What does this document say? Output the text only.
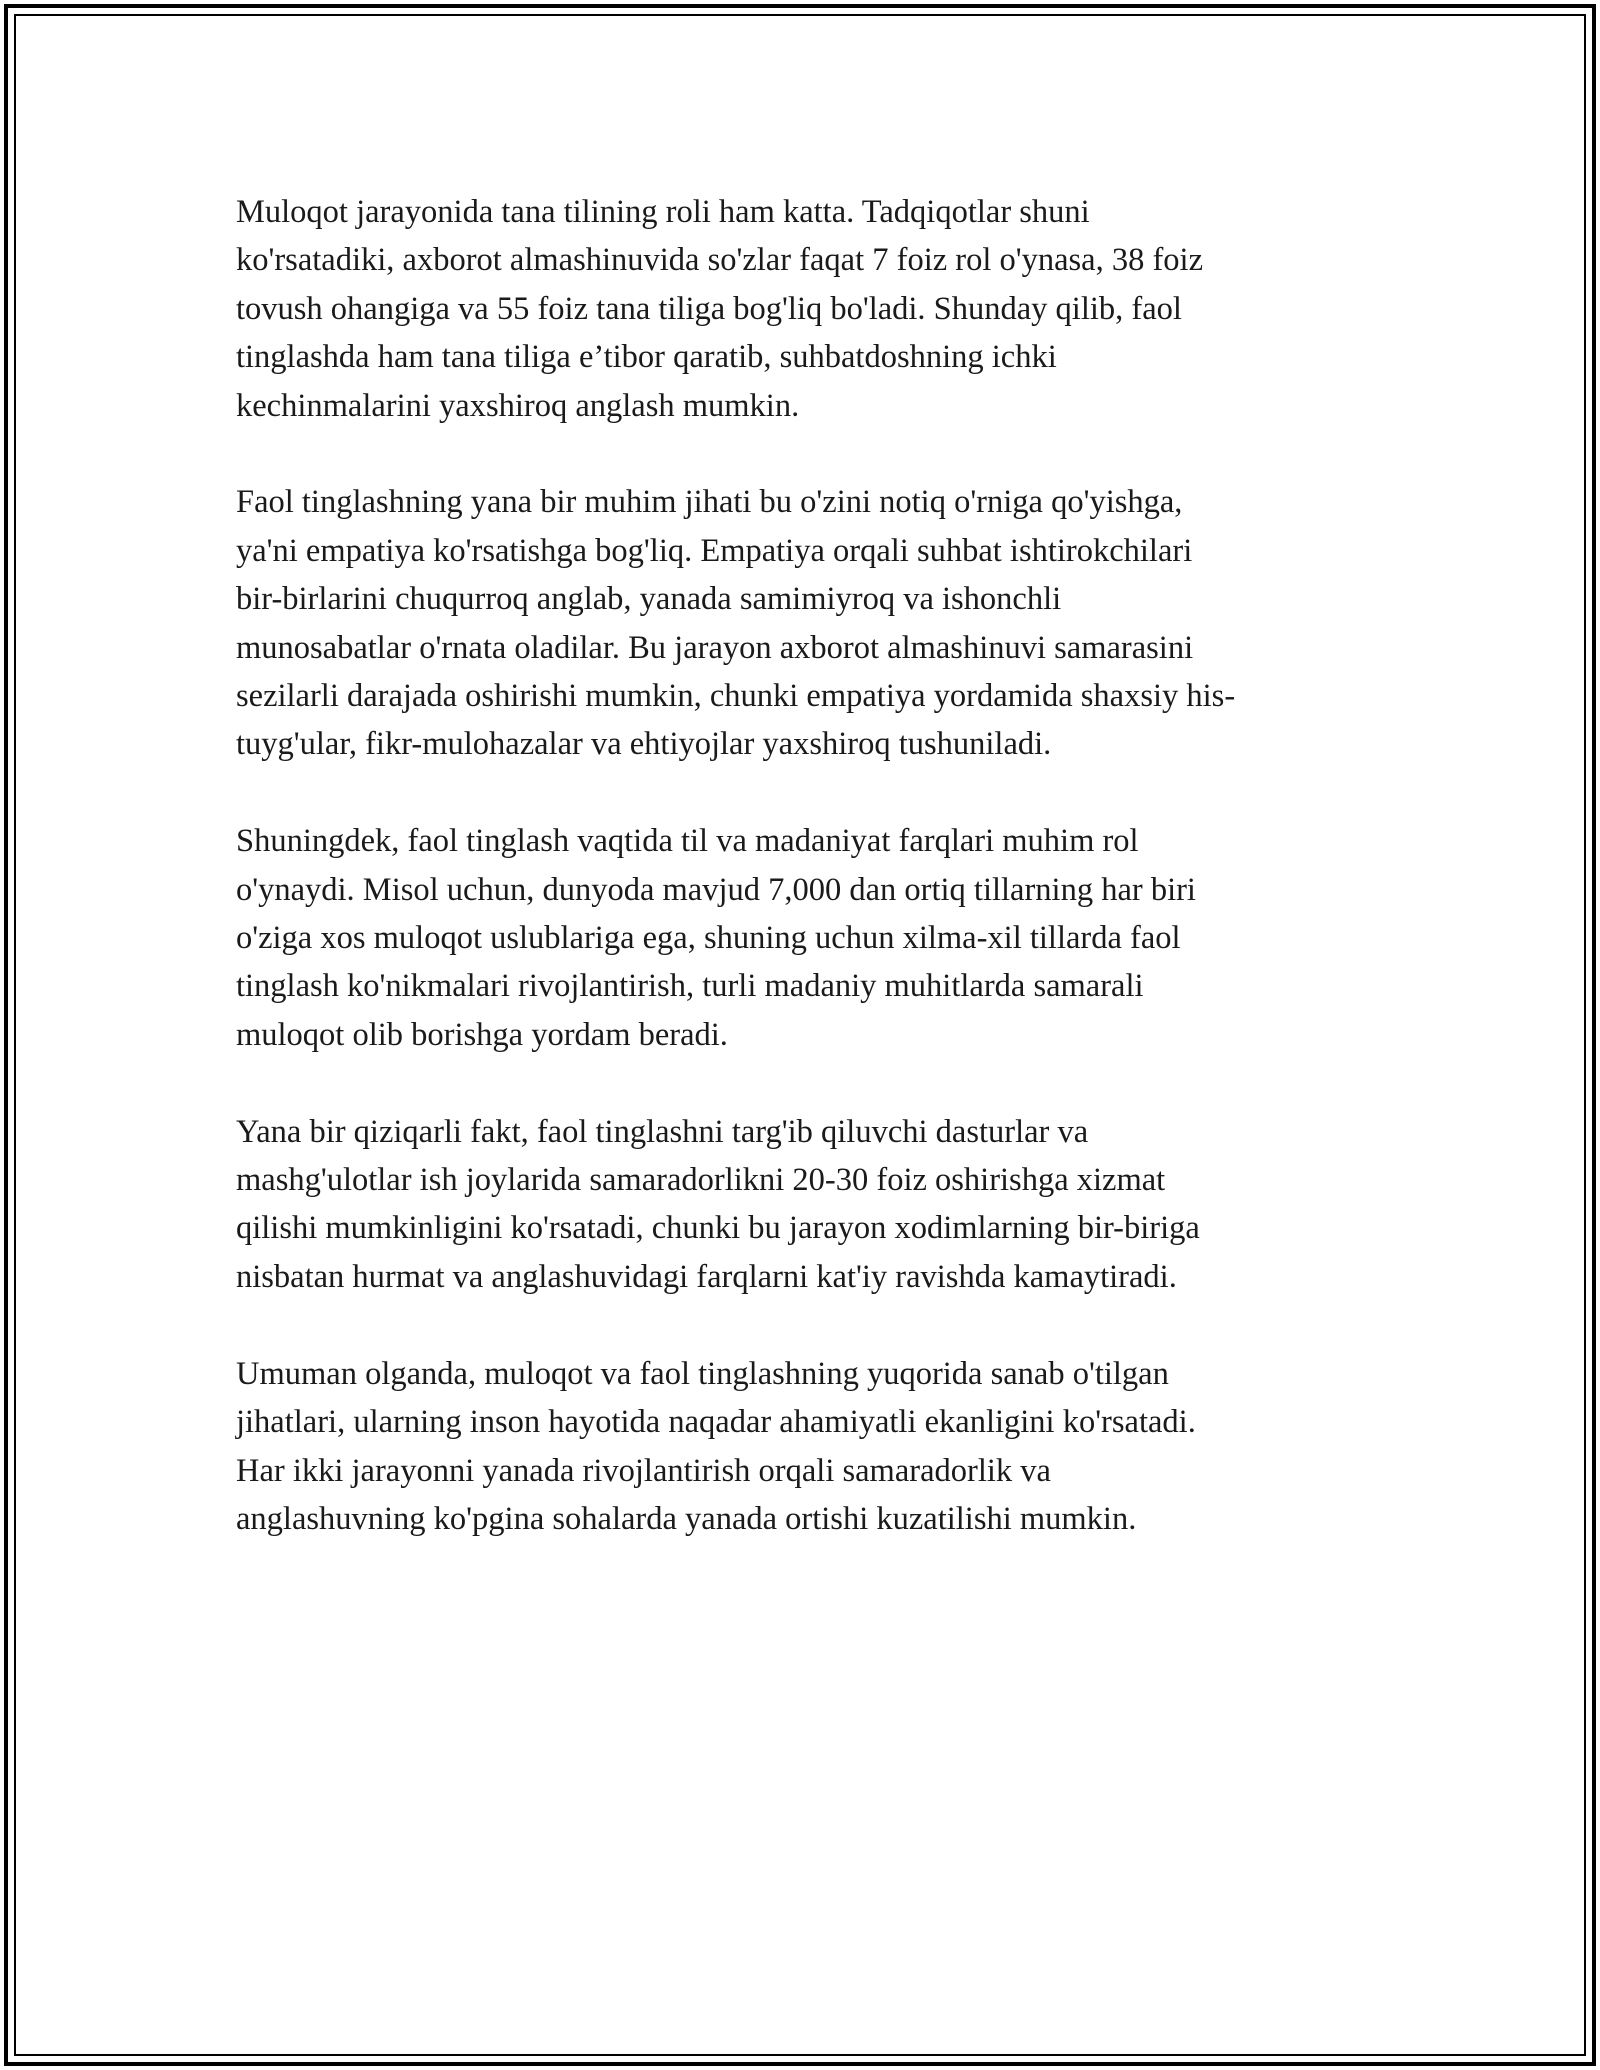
Muloqot jarayonida tana tilining roli ham katta. Tadqiqotlar shuni
ko'rsatadiki, axborot almashinuvida so'zlar faqat 7 foiz rol o'ynasa, 38 foiz
tovush ohangiga va 55 foiz tana tiliga bog'liq bo'ladi. Shunday qilib, faol
tinglashda ham tana tiliga e’tibor qaratib, suhbatdoshning ichki
kechinmalarini yaxshiroq anglash mumkin.

Faol tinglashning yana bir muhim jihati bu o'zini notiq o'rniga qo'yishga,
ya'ni empatiya ko'rsatishga bog'liq. Empatiya orqali suhbat ishtirokchilari
bir-birlarini chuqurroq anglab, yanada samimiyroq va ishonchli
munosabatlar o'rnata oladilar. Bu jarayon axborot almashinuvi samarasini
sezilarli darajada oshirishi mumkin, chunki empatiya yordamida shaxsiy his-
tuyg'ular, fikr-mulohazalar va ehtiyojlar yaxshiroq tushuniladi.

Shuningdek, faol tinglash vaqtida til va madaniyat farqlari muhim rol
o'ynaydi. Misol uchun, dunyoda mavjud 7,000 dan ortiq tillarning har biri
o'ziga xos muloqot uslublariga ega, shuning uchun xilma-xil tillarda faol
tinglash ko'nikmalari rivojlantirish, turli madaniy muhitlarda samarali
muloqot olib borishga yordam beradi.

Yana bir qiziqarli fakt, faol tinglashni targ'ib qiluvchi dasturlar va
mashg'ulotlar ish joylarida samaradorlikni 20-30 foiz oshirishga xizmat
qilishi mumkinligini ko'rsatadi, chunki bu jarayon xodimlarning bir-biriga
nisbatan hurmat va anglashuvidagi farqlarni kat'iy ravishda kamaytiradi.

Umuman olganda, muloqot va faol tinglashning yuqorida sanab o'tilgan
jihatlari, ularning inson hayotida naqadar ahamiyatli ekanligini ko'rsatadi.
Har ikki jarayonni yanada rivojlantirish orqali samaradorlik va
anglashuvning ko'pgina sohalarda yanada ortishi kuzatilishi mumkin.
